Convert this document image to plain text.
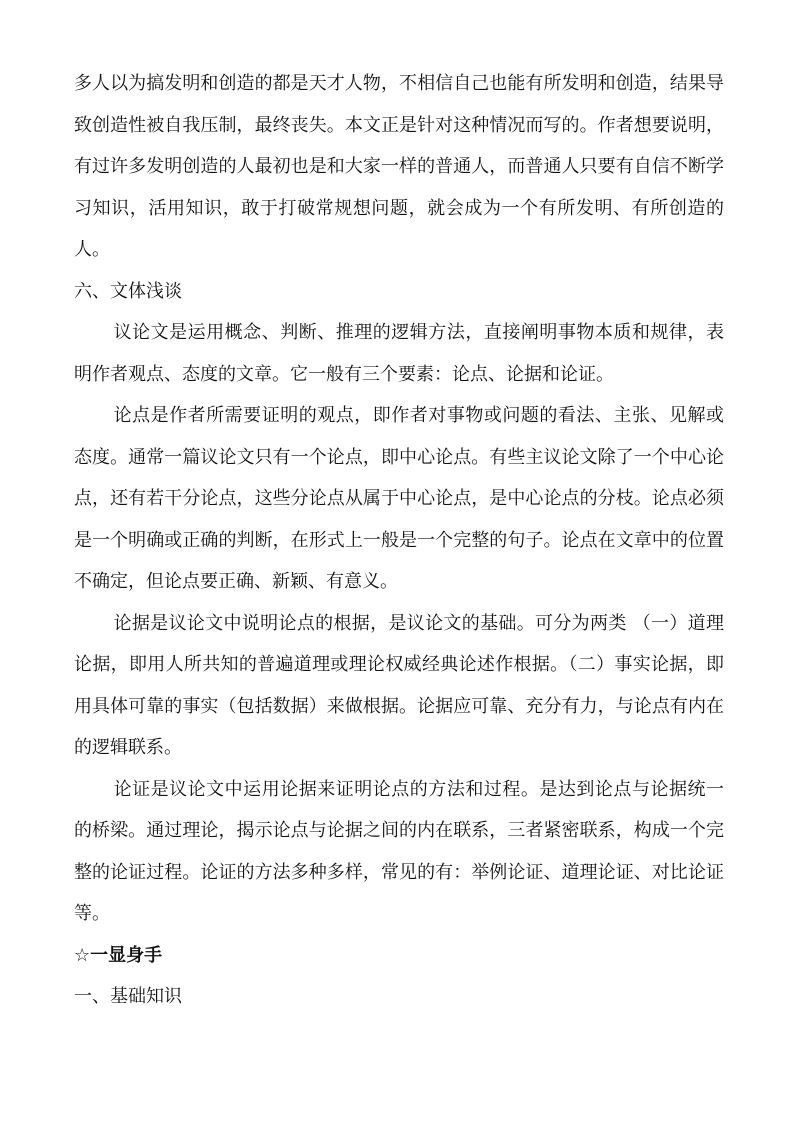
多人以为搞发明和创造的都是天才人物，不相信自己也能有所发明和创造，结果导致创造性被自我压制，最终丧失。本文正是针对这种情况而写的。作者想要说明，有过许多发明创造的人最初也是和大家一样的普通人，而普通人只要有自信不断学习知识，活用知识，敢于打破常规想问题，就会成为一个有所发明、有所创造的人。

六、文体浅谈

议论文是运用概念、判断、推理的逻辑方法，直接阐明事物本质和规律，表明作者观点、态度的文章。它一般有三个要素：论点、论据和论证。

论点是作者所需要证明的观点，即作者对事物或问题的看法、主张、见解或态度。通常一篇议论文只有一个论点，即中心论点。有些主议论文除了一个中心论点，还有若干分论点，这些分论点从属于中心论点，是中心论点的分枝。论点必须是一个明确或正确的判断，在形式上一般是一个完整的句子。论点在文章中的位置不确定，但论点要正确、新颖、有意义。

论据是议论文中说明论点的根据，是议论文的基础。可分为两类 （一）道理论据，即用人所共知的普遍道理或理论权威经典论述作根据。（二）事实论据，即用具体可靠的事实（包括数据）来做根据。论据应可靠、充分有力，与论点有内在的逻辑联系。

论证是议论文中运用论据来证明论点的方法和过程。是达到论点与论据统一的桥梁。通过理论，揭示论点与论据之间的内在联系，三者紧密联系，构成一个完整的论证过程。论证的方法多种多样，常见的有：举例论证、道理论证、对比论证等。

☆一显身手

一、基础知识
